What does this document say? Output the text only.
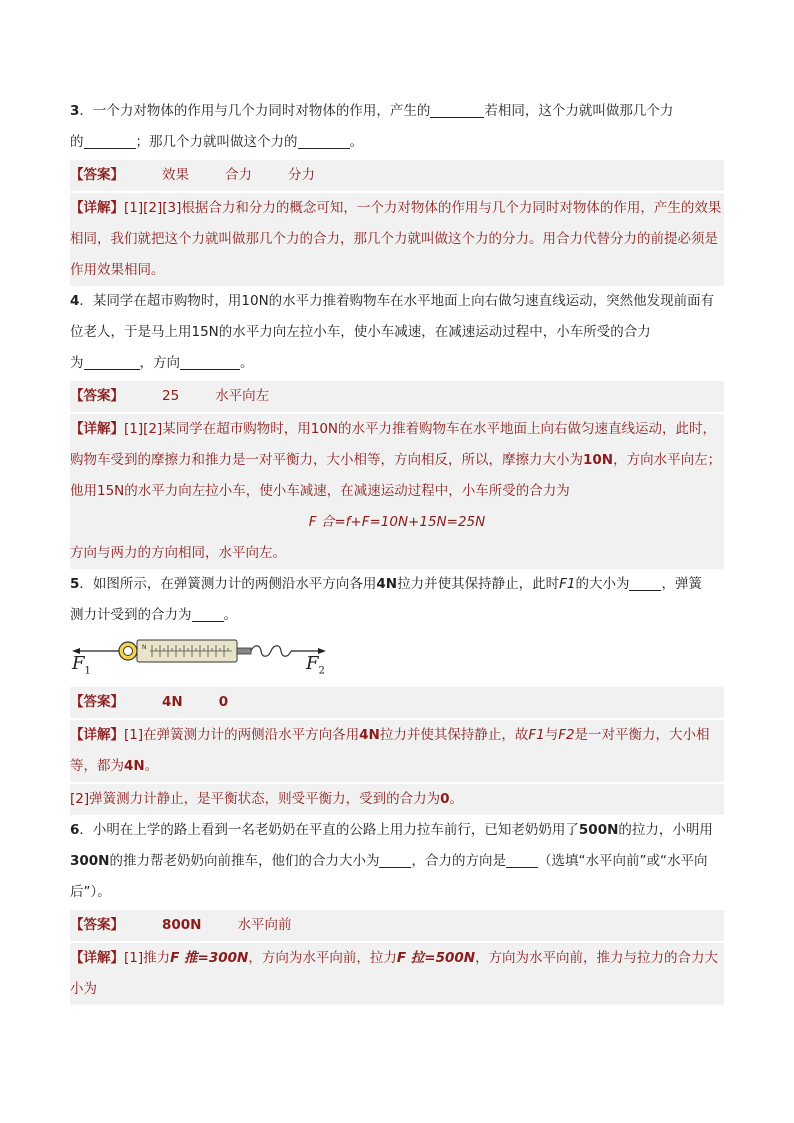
3．一个力对物体的作用与几个力同时对物体的作用，产生的	若相同，这个力就叫做那几个力
的	；那几个力就叫做这个力的	。

【答案】	效果	合力	分力
【详解】[1][2][3]根据合力和分力的概念可知，一个力对物体的作用与几个力同时对物体的作用，产生的效果相同，我们就把这个力就叫做那几个力的合力，那几个力就叫做这个力的分力。用合力代替分力的前提必须是作用效果相同。

4．某同学在超市购物时，用10N的水平力推着购物车在水平地面上向右做匀速直线运动，突然他发现前面有位老人，于是马上用15N的水平力向左拉小车，使小车减速，在减速运动过程中，小车所受的合力
为	，方向	。

【答案】	25	水平向左
【详解】[1][2]某同学在超市购物时，用10N的水平力推着购物车在水平地面上向右做匀速直线运动，此时，购物车受到的摩擦力和推力是一对平衡力，大小相等，方向相反，所以，摩擦力大小为10N，方向水平向左；他用15N的水平力向左拉小车，使小车减速，在减速运动过程中，小车所受的合力为
F 合=f+F=10N+15N=25N
方向与两力的方向相同，水平向左。

5．如图所示，在弹簧测力计的两侧沿水平方向各用4N拉力并使其保持静止，此时F1的大小为 ，弹簧
测力计受到的合力为 。

N
$F_1$	$F_2$
【答案】	4N	0
【详解】[1]在弹簧测力计的两侧沿水平方向各用4N拉力并使其保持静止，故F1与F2是一对平衡力，大小相等，都为4N。
[2]弹簧测力计静止，是平衡状态，则受平衡力，受到的合力为0。

6．小明在上学的路上看到一名老奶奶在平直的公路上用力拉车前行，已知老奶奶用了500N的拉力，小明用300N的推力帮老奶奶向前推车，他们的合力大小为 ，合力的方向是 （选填“水平向前”或“水平向后”）。

【答案】	800N	水平向前
【详解】[1]推力F 推=300N，方向为水平向前，拉力F 拉=500N，方向为水平向前，推力与拉力的合力大小为
